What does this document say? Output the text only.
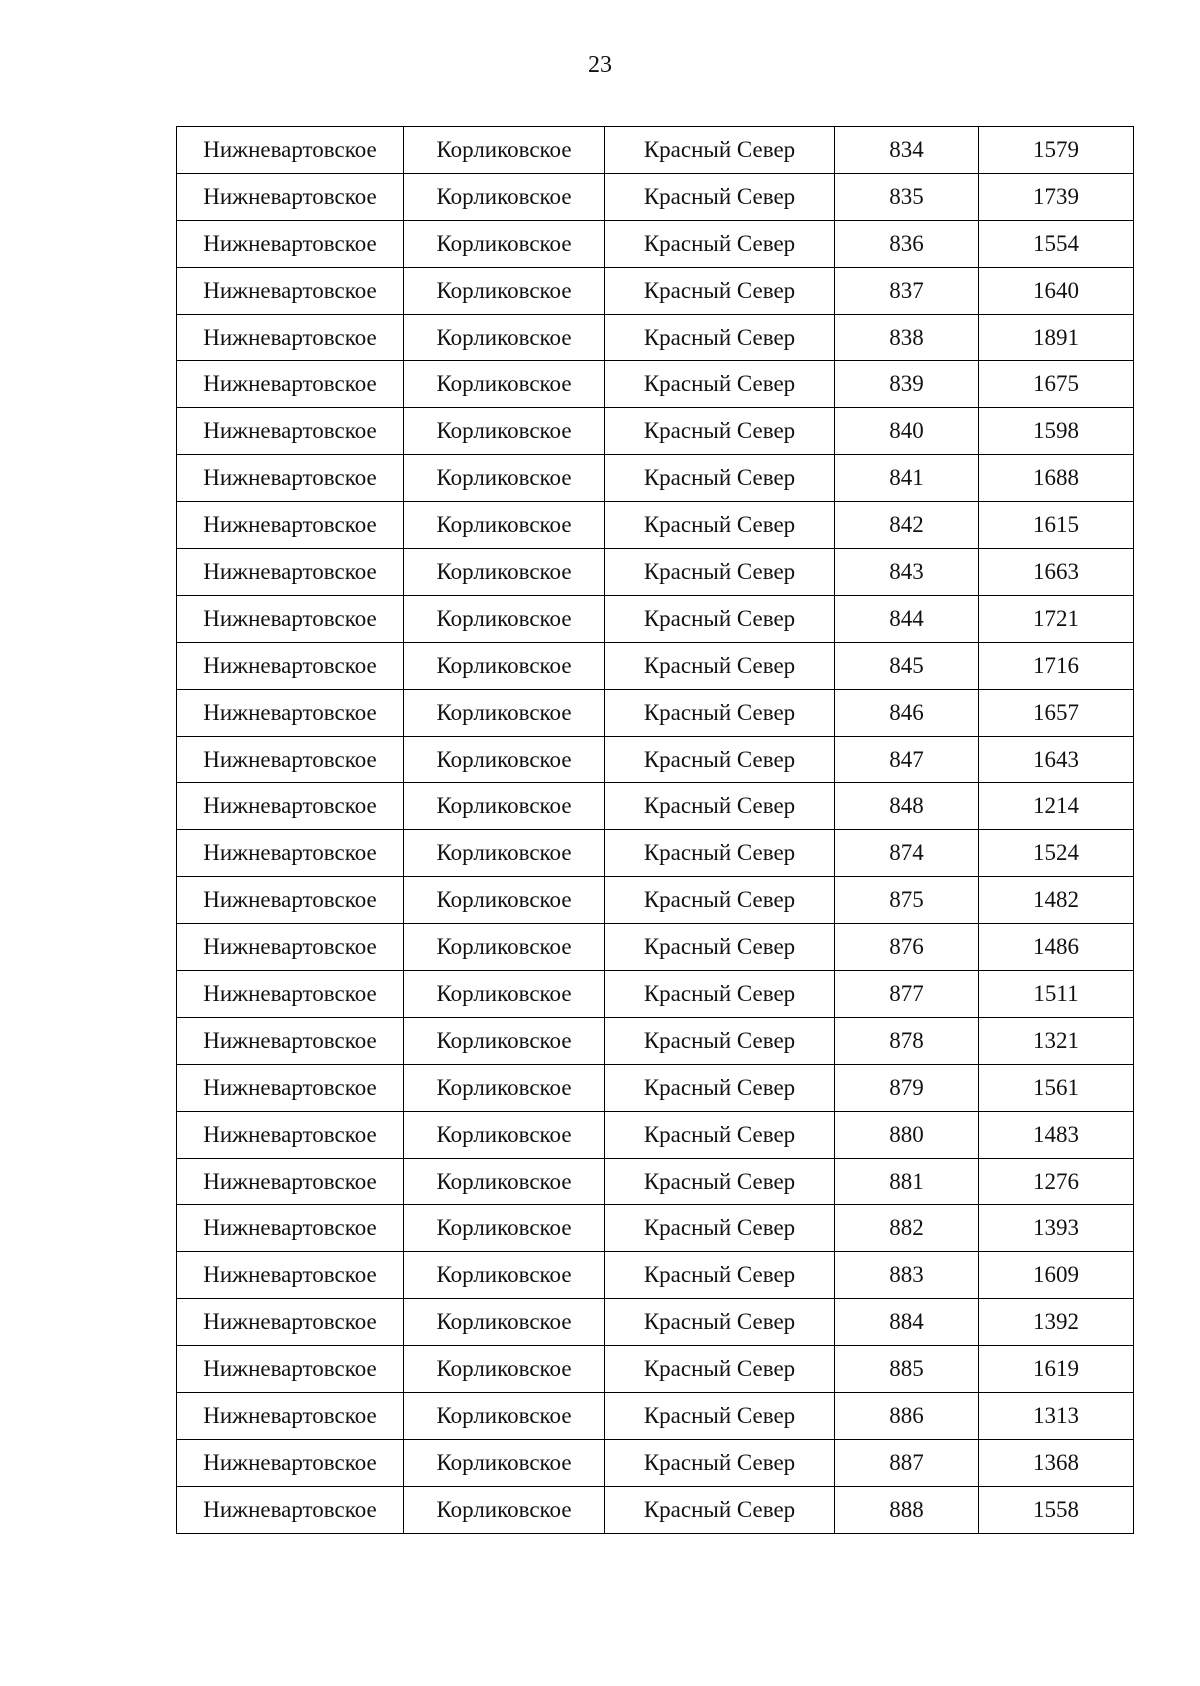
23
Нижневартовское	Корликовское	Красный Север	834	1579
Нижневартовское	Корликовское	Красный Север	835	1739
Нижневартовское	Корликовское	Красный Север	836	1554
Нижневартовское	Корликовское	Красный Север	837	1640
Нижневартовское	Корликовское	Красный Север	838	1891
Нижневартовское	Корликовское	Красный Север	839	1675
Нижневартовское	Корликовское	Красный Север	840	1598
Нижневартовское	Корликовское	Красный Север	841	1688
Нижневартовское	Корликовское	Красный Север	842	1615
Нижневартовское	Корликовское	Красный Север	843	1663
Нижневартовское	Корликовское	Красный Север	844	1721
Нижневартовское	Корликовское	Красный Север	845	1716
Нижневартовское	Корликовское	Красный Север	846	1657
Нижневартовское	Корликовское	Красный Север	847	1643
Нижневартовское	Корликовское	Красный Север	848	1214
Нижневартовское	Корликовское	Красный Север	874	1524
Нижневартовское	Корликовское	Красный Север	875	1482
Нижневартовское	Корликовское	Красный Север	876	1486
Нижневартовское	Корликовское	Красный Север	877	1511
Нижневартовское	Корликовское	Красный Север	878	1321
Нижневартовское	Корликовское	Красный Север	879	1561
Нижневартовское	Корликовское	Красный Север	880	1483
Нижневартовское	Корликовское	Красный Север	881	1276
Нижневартовское	Корликовское	Красный Север	882	1393
Нижневартовское	Корликовское	Красный Север	883	1609
Нижневартовское	Корликовское	Красный Север	884	1392
Нижневартовское	Корликовское	Красный Север	885	1619
Нижневартовское	Корликовское	Красный Север	886	1313
Нижневартовское	Корликовское	Красный Север	887	1368
Нижневартовское	Корликовское	Красный Север	888	1558
